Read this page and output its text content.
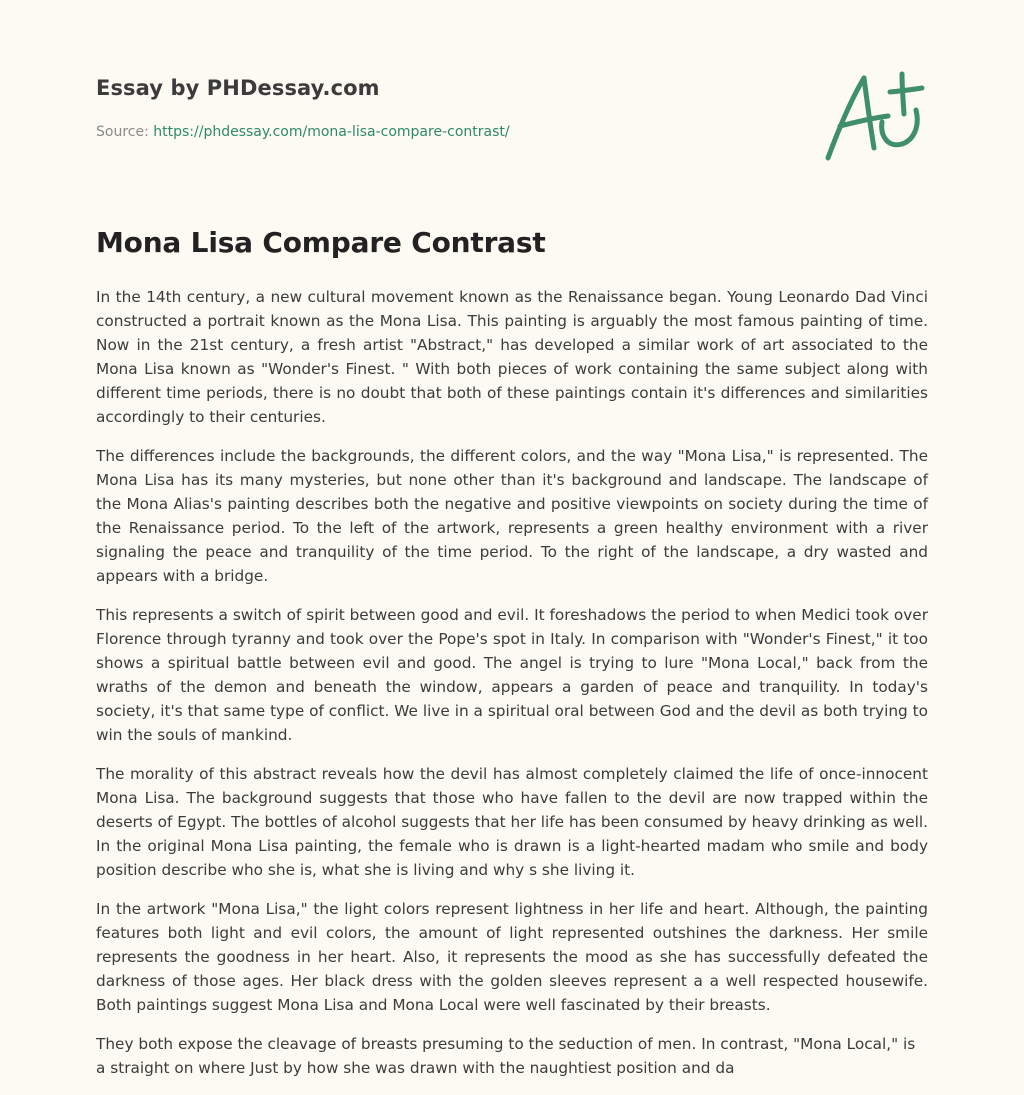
Essay by PHDessay.com
Source: https://phdessay.com/mona-lisa-compare-contrast/
Mona Lisa Compare Contrast

In the 14th century, a new cultural movement known as the Renaissance began. Young Leonardo Dad Vinci constructed a portrait known as the Mona Lisa. This painting is arguably the most famous painting of time. Now in the 21st century, a fresh artist "Abstract," has developed a similar work of art associated to the Mona Lisa known as "Wonder's Finest. " With both pieces of work containing the same subject along with different time periods, there is no doubt that both of these paintings contain it's differences and similarities accordingly to their centuries.

The differences include the backgrounds, the different colors, and the way "Mona Lisa," is represented. The Mona Lisa has its many mysteries, but none other than it's background and landscape. The landscape of the Mona Alias's painting describes both the negative and positive viewpoints on society during the time of the Renaissance period. To the left of the artwork, represents a green healthy environment with a river signaling the peace and tranquility of the time period. To the right of the landscape, a dry wasted and appears with a bridge.

This represents a switch of spirit between good and evil. It foreshadows the period to when Medici took over Florence through tyranny and took over the Pope's spot in Italy. In comparison with "Wonder's Finest," it too shows a spiritual battle between evil and good. The angel is trying to lure "Mona Local," back from the wraths of the demon and beneath the window, appears a garden of peace and tranquility. In today's society, it's that same type of conflict. We live in a spiritual oral between God and the devil as both trying to win the souls of mankind.

The morality of this abstract reveals how the devil has almost completely claimed the life of once-innocent Mona Lisa. The background suggests that those who have fallen to the devil are now trapped within the deserts of Egypt. The bottles of alcohol suggests that her life has been consumed by heavy drinking as well. In the original Mona Lisa painting, the female who is drawn is a light-hearted madam who smile and body position describe who she is, what she is living and why s she living it.

In the artwork "Mona Lisa," the light colors represent lightness in her life and heart. Although, the painting features both light and evil colors, the amount of light represented outshines the darkness. Her smile represents the goodness in her heart. Also, it represents the mood as she has successfully defeated the darkness of those ages. Her black dress with the golden sleeves represent a a well respected housewife. Both paintings suggest Mona Lisa and Mona Local were well fascinated by their breasts.

They both expose the cleavage of breasts presuming to the seduction of men. In contrast, "Mona Local," is a straight on where Just by how she was drawn with the naughtiest position and da
